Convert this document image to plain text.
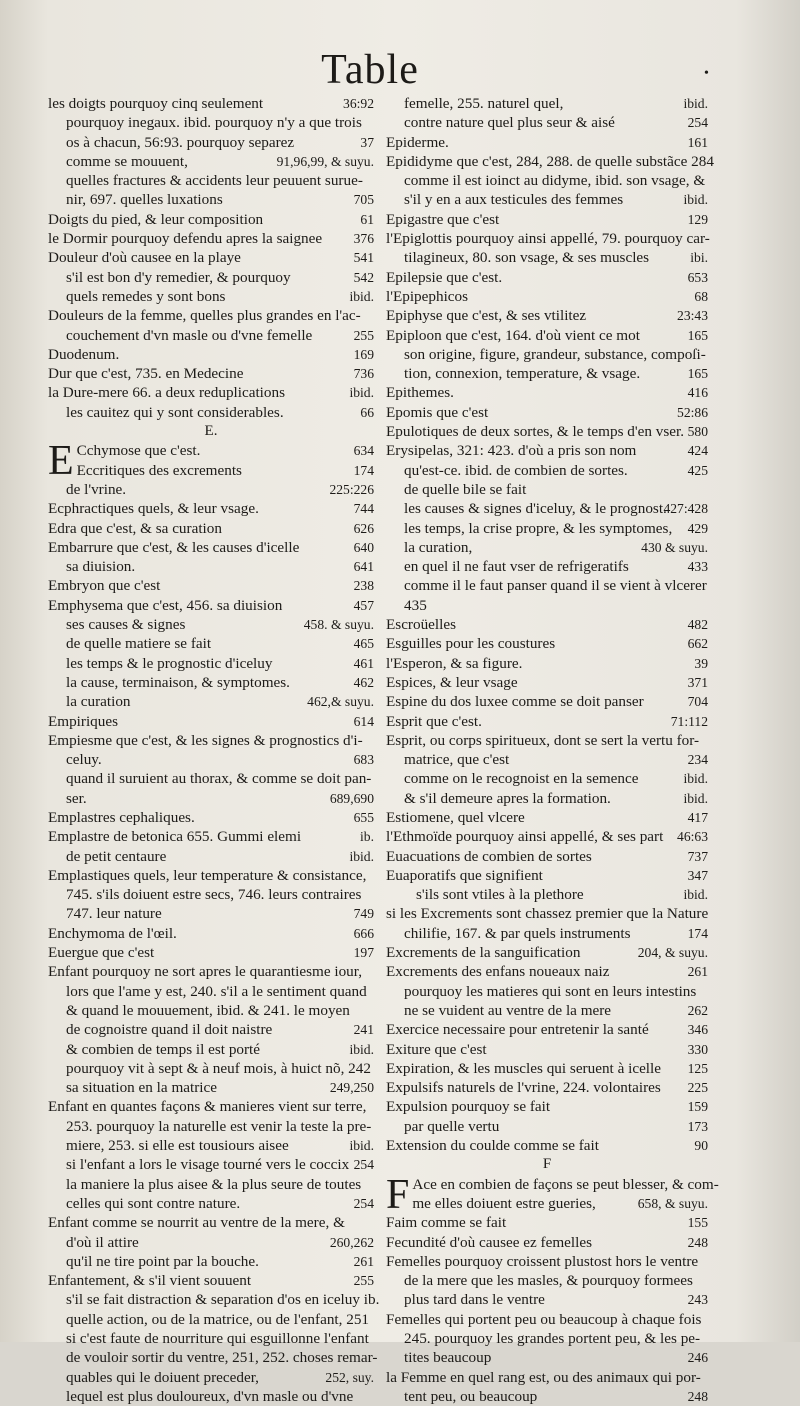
Table	•
36:92
les doigts pourquoy cinq seulement
pourquoy inegaux. ibid. pourquoy n'y a que trois
37
os à chacun, 56:93. pourquoy separez
91,96,99, & suyu.
comme se mouuent,
quelles fractures & accidents leur peuuent surue-
705
nir, 697. quelles luxations
61
Doigts du pied, & leur composition
376
le Dormir pourquoy defendu apres la saignee
541
Douleur d'où causee en la playe
542
s'il est bon d'y remedier, & pourquoy
ibid.
quels remedes y sont bons
Douleurs de la femme, quelles plus grandes en l'ac-
255
couchement d'vn masle ou d'vne femelle
169
Duodenum.
736
Dur que c'est, 735. en Medecine
ibid.
la Dure-mere 66. a deux reduplications
66
les cauitez qui y sont considerables.
E.
E	634
Cchymose que c'est.
174
Eccritiques des excrements
225:226
de l'vrine.
744
Ecphractiques quels, & leur vsage.
626
Edra que c'est, & sa curation
640
Embarrure que c'est, & les causes d'icelle
641
sa diuision.
238
Embryon que c'est
457
Emphysema que c'est, 456. sa diuision
458. & suyu.
ses causes & signes
465
de quelle matiere se fait
461
les temps & le prognostic d'iceluy
462
la cause, terminaison, & symptomes.
462,& suyu.
la curation
614
Empiriques
Empiesme que c'est, & les signes & prognostics d'i-
683
celuy.
quand il suruient au thorax, & comme se doit pan-
689,690
ser.
655
Emplastres cephaliques.
ib.
Emplastre de betonica 655. Gummi elemi
ibid.
de petit centaure
Emplastiques quels, leur temperature & consistance,
745. s'ils doiuent estre secs, 746. leurs contraires
749
747. leur nature
666
Enchymoma de l'œil.
197
Euergue que c'est
Enfant pourquoy ne sort apres le quarantiesme iour,
lors que l'ame y est, 240. s'il a le sentiment quand
& quand le mouuement, ibid. & 241. le moyen
241
de cognoistre quand il doit naistre
ibid.
& combien de temps il est porté
pourquoy vit à sept & à neuf mois, à huict nõ, 242
249,250
sa situation en la matrice
Enfant en quantes façons & manieres vient sur terre,
253. pourquoy la naturelle est venir la teste la pre-
ibid.
miere, 253. si elle est tousiours aisee
254
si l'enfant a lors le visage tourné vers le coccix
la maniere la plus aisee & la plus seure de toutes
254
celles qui sont contre nature.
Enfant comme se nourrit au ventre de la mere, &
260,262
d'où il attire
261
qu'il ne tire point par la bouche.
255
Enfantement, & s'il vient souuent
s'il se fait distraction & separation d'os en iceluy ib.
quelle action, ou de la matrice, ou de l'enfant, 251
si c'est faute de nourriture qui esguillonne l'enfant
de vouloir sortir du ventre, 251, 252. choses remar-
252, suy.
quables qui le doiuent preceder,
lequel est plus douloureux, d'vn masle ou d'vne
ibid.
femelle, 255. naturel quel,
254
contre nature quel plus seur & aisé
161
Epiderme.
Epididyme que c'est, 284, 288. de quelle substãce 284
comme il est ioinct au didyme, ibid. son vsage, &
ibid.
s'il y en a aux testicules des femmes
129
Epigastre que c'est
l'Epiglottis pourquoy ainsi appellé, 79. pourquoy car-
ibi.
tilagineux, 80. son vsage, & ses muscles
653
Epilepsie que c'est.
68
l'Epipephicos
23:43
Epiphyse que c'est, & ses vtilitez
165
Epiploon que c'est, 164. d'où vient ce mot
son origine, figure, grandeur, substance, compoſi-
165
tion, connexion, temperature, & vsage.
416
Epithemes.
52:86
Epomis que c'est
580
Epulotiques de deux sortes, & le temps d'en vser.
424
Erysipelas, 321: 423. d'où a pris son nom
425
qu'est-ce. ibid. de combien de sortes.
de quelle bile se fait
427:428
les causes & signes d'iceluy, & le prognost.
429
les temps, la crise propre, & les symptomes,
430 & suyu.
la curation,
433
en quel il ne faut vser de refrigeratifs
comme il le faut panser quand il se vient à vlcerer
435
482
Escroüelles
662
Esguilles pour les coustures
39
l'Esperon, & sa figure.
371
Espices, & leur vsage
704
Espine du dos luxee comme se doit panser
71:112
Esprit que c'est.
Esprit, ou corps spiritueux, dont se sert la vertu for-
234
matrice, que c'est
ibid.
comme on le recognoist en la semence
ibid.
& s'il demeure apres la formation.
417
Estiomene, quel vlcere
46:63
l'Ethmoïde pourquoy ainsi appellé, & ses part
737
Euacuations de combien de sortes
347
Euaporatifs que signifient
ibid.
s'ils sont vtiles à la plethore
si les Excrements sont chassez premier que la Nature
174
chilifie, 167. & par quels instruments
204, & suyu.
Excrements de la sanguification
261
Excrements des enfans noueaux naiz
pourquoy les matieres qui sont en leurs intestins
262
ne se vuident au ventre de la mere
346
Exercice necessaire pour entretenir la santé
330
Exiture que c'est
125
Expiration, & les muscles qui seruent à icelle
225
Expulsifs naturels de l'vrine, 224. volontaires
159
Expulsion pourquoy se fait
173
par quelle vertu
90
Extension du coulde comme se fait
F
F Ace en combien de façons se peut blesser, & com-
658, & suyu.
me elles doiuent estre gueries,
155
Faim comme se fait
248
Fecundité d'où causee ez femelles
Femelles pourquoy croissent plustost hors le ventre
de la mere que les masles, & pourquoy formees
243
plus tard dans le ventre
Femelles qui portent peu ou beaucoup à chaque fois
245. pourquoy les grandes portent peu, & les pe-
246
tites beaucoup
la Femme en quel rang est, ou des animaux qui por-
248
tent peu, ou beaucoup
